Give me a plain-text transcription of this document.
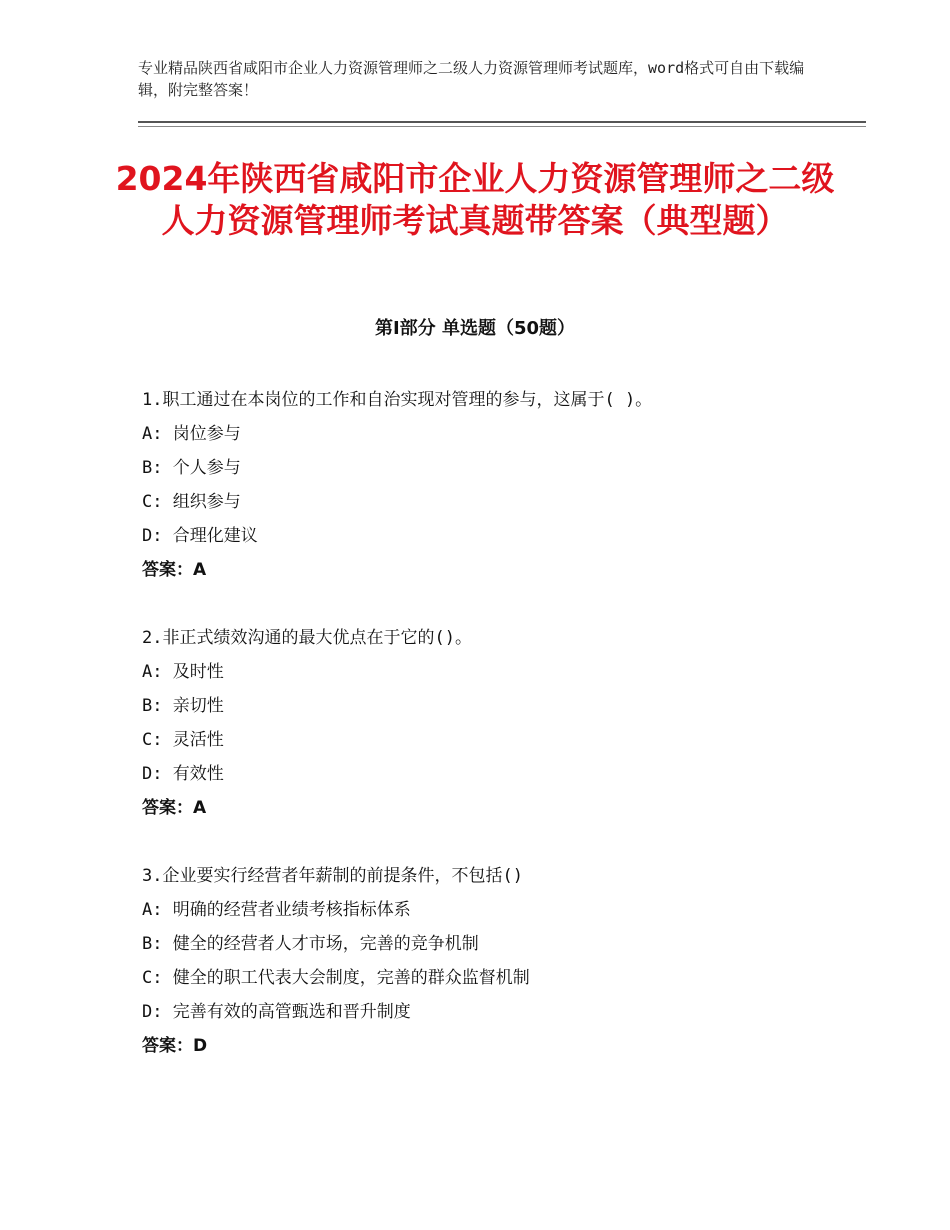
专业精品陕西省咸阳市企业人力资源管理师之二级人力资源管理师考试题库，word格式可自由下载编辑，附完整答案！
2024年陕西省咸阳市企业人力资源管理师之二级人力资源管理师考试真题带答案（典型题）
第Ⅰ部分 单选题（50题）
1.职工通过在本岗位的工作和自治实现对管理的参与，这属于( )。
A: 岗位参与
B: 个人参与
C: 组织参与
D: 合理化建议
答案：A
2.非正式绩效沟通的最大优点在于它的()。
A: 及时性
B: 亲切性
C: 灵活性
D: 有效性
答案：A
3.企业要实行经营者年薪制的前提条件，不包括()
A: 明确的经营者业绩考核指标体系
B: 健全的经营者人才市场，完善的竞争机制
C: 健全的职工代表大会制度，完善的群众监督机制
D: 完善有效的高管甄选和晋升制度
答案：D
